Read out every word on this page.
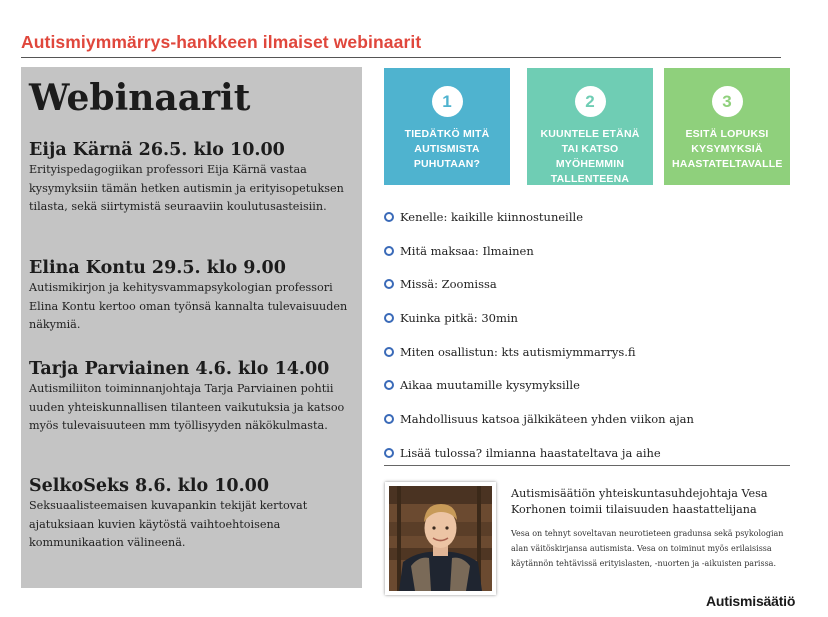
Autismiymmärrys-hankkeen ilmaiset webinaarit
Webinaarit
Eija Kärnä 26.5. klo 10.00
Erityispedagogiikan professori Eija Kärnä vastaa kysymyksiin tämän hetken autismin ja erityisopetuksen tilasta, sekä siirtymistä seuraaviin koulutusasteisiin.
Elina Kontu 29.5. klo 9.00
Autismikirjon ja kehitysvammapsykologian professori Elina Kontu kertoo oman työnsä kannalta tulevaisuuden näkymiä.
Tarja Parviainen 4.6. klo 14.00
Autismiliiton toiminnanjohtaja Tarja Parviainen pohtii uuden yhteiskunnallisen tilanteen vaikutuksia ja katsoo myös tulevaisuuteen mm työllisyyden näkökulmasta.
SelkoSeks 8.6. klo 10.00
Seksuaalisteemaisen kuvapankin tekijät kertovat ajatuksiaan kuvien käytöstä vaihtoehtoisena kommunikaation välineenä.
1
TIEDÄTKÖ MITÄ AUTISMISTA PUHUTAAN?
2
KUUNTELE ETÄNÄ TAI KATSO MYÖHEMMIN TALLENTEENA
3
ESITÄ LOPUKSI KYSYMYKSIÄ HAASTATELTAVALLE
Kenelle: kaikille kiinnostuneille
Mitä maksaa: Ilmainen
Missä: Zoomissa
Kuinka pitkä: 30min
Miten osallistun: kts autismiymmarrys.fi
Aikaa muutamille kysymyksille
Mahdollisuus katsoa jälkikäteen yhden viikon ajan
Lisää tulossa? ilmianna haastateltava ja aihe
Autismisäätiön yhteiskuntasuhdejohtaja Vesa Korhonen toimii tilaisuuden haastattelijana
Vesa on tehnyt soveltavan neurotieteen gradunsa sekä psykologian alan väitöskirjansa autismista. Vesa on toiminut myös erilaisissa käytännön tehtävissä erityislasten, -nuorten ja -aikuisten parissa.
Autismisäätiö
